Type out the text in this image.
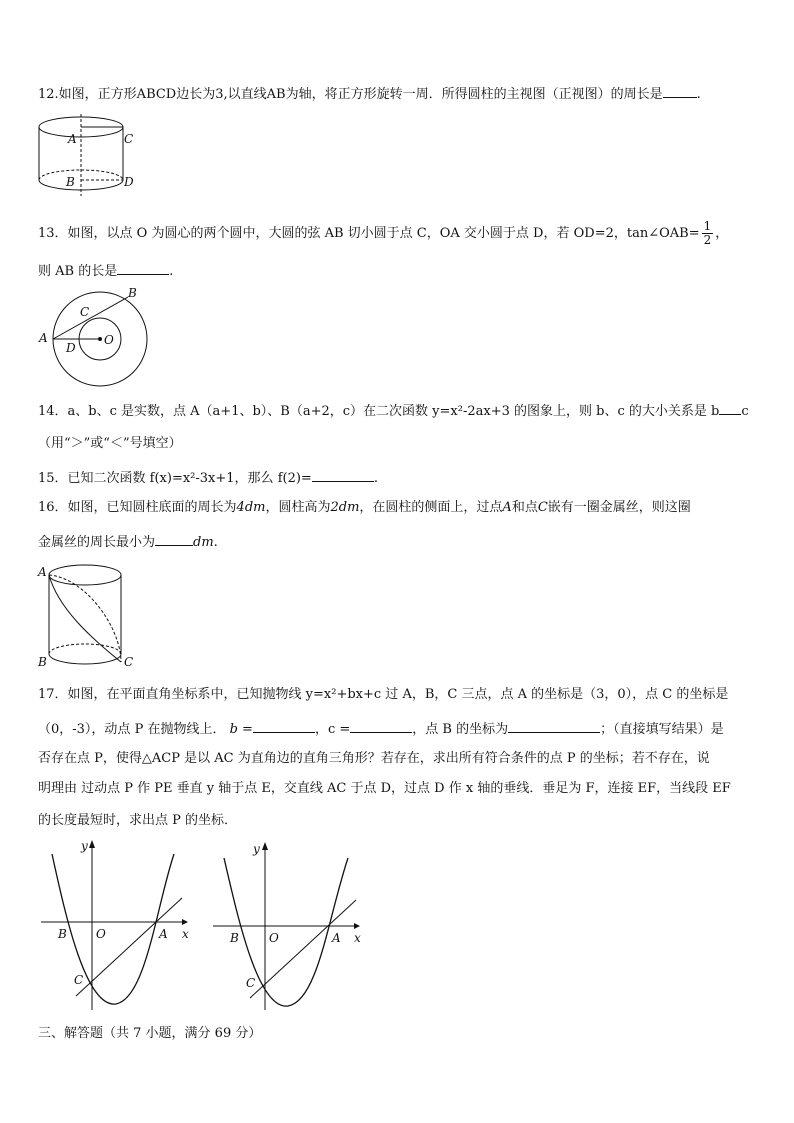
12.如图，正方形ABCD边长为3,以直线AB为轴，将正方形旋转一周．所得圆柱的主视图（正视图）的周长是	.
A	C
B	D
13．如图，以点 O 为圆心的两个圆中，大圆的弦 AB 切小圆于点 C，OA 交小圆于点 D，若 OD=2，tan∠OAB= $\frac{1}{2}$ ，
则 AB 的长是	.
B
C
A
D
O
14．a、b、c 是实数，点 A（a+1、b）、B（a+2，c）在二次函数 y=x²-2ax+3 的图象上，则 b、c 的大小关系是 b c
（用“＞”或“＜”号填空）
15．已知二次函数 f(x)=x²-3x+1，那么 f(2)=	.
16．如图，已知圆柱底面的周长为4dm，圆柱高为2dm，在圆柱的侧面上，过点A和点C嵌有一圈金属丝，则这圈
金属丝的周长最小为	dm.
A
B	C
17．如图，在平面直角坐标系中，已知抛物线 y=x²+bx+c 过 A，B，C 三点，点 A 的坐标是（3，0），点 C 的坐标是
（0，-3），动点 P 在抛物线上． b =	，c =	，点 B 的坐标为	；（直接填写结果）是
否存在点 P，使得△ACP 是以 AC 为直角边的直角三角形？若存在，求出所有符合条件的点 P 的坐标；若不存在，说
明理由 过动点 P 作 PE 垂直 y 轴于点 E，交直线 AC 于点 D，过点 D 作 x 轴的垂线．垂足为 F，连接 EF，当线段 EF
的长度最短时，求出点 P 的坐标．
y
B O	A x
C
y
B	O	A x
C
三、解答题（共 7 小题，满分 69 分）
